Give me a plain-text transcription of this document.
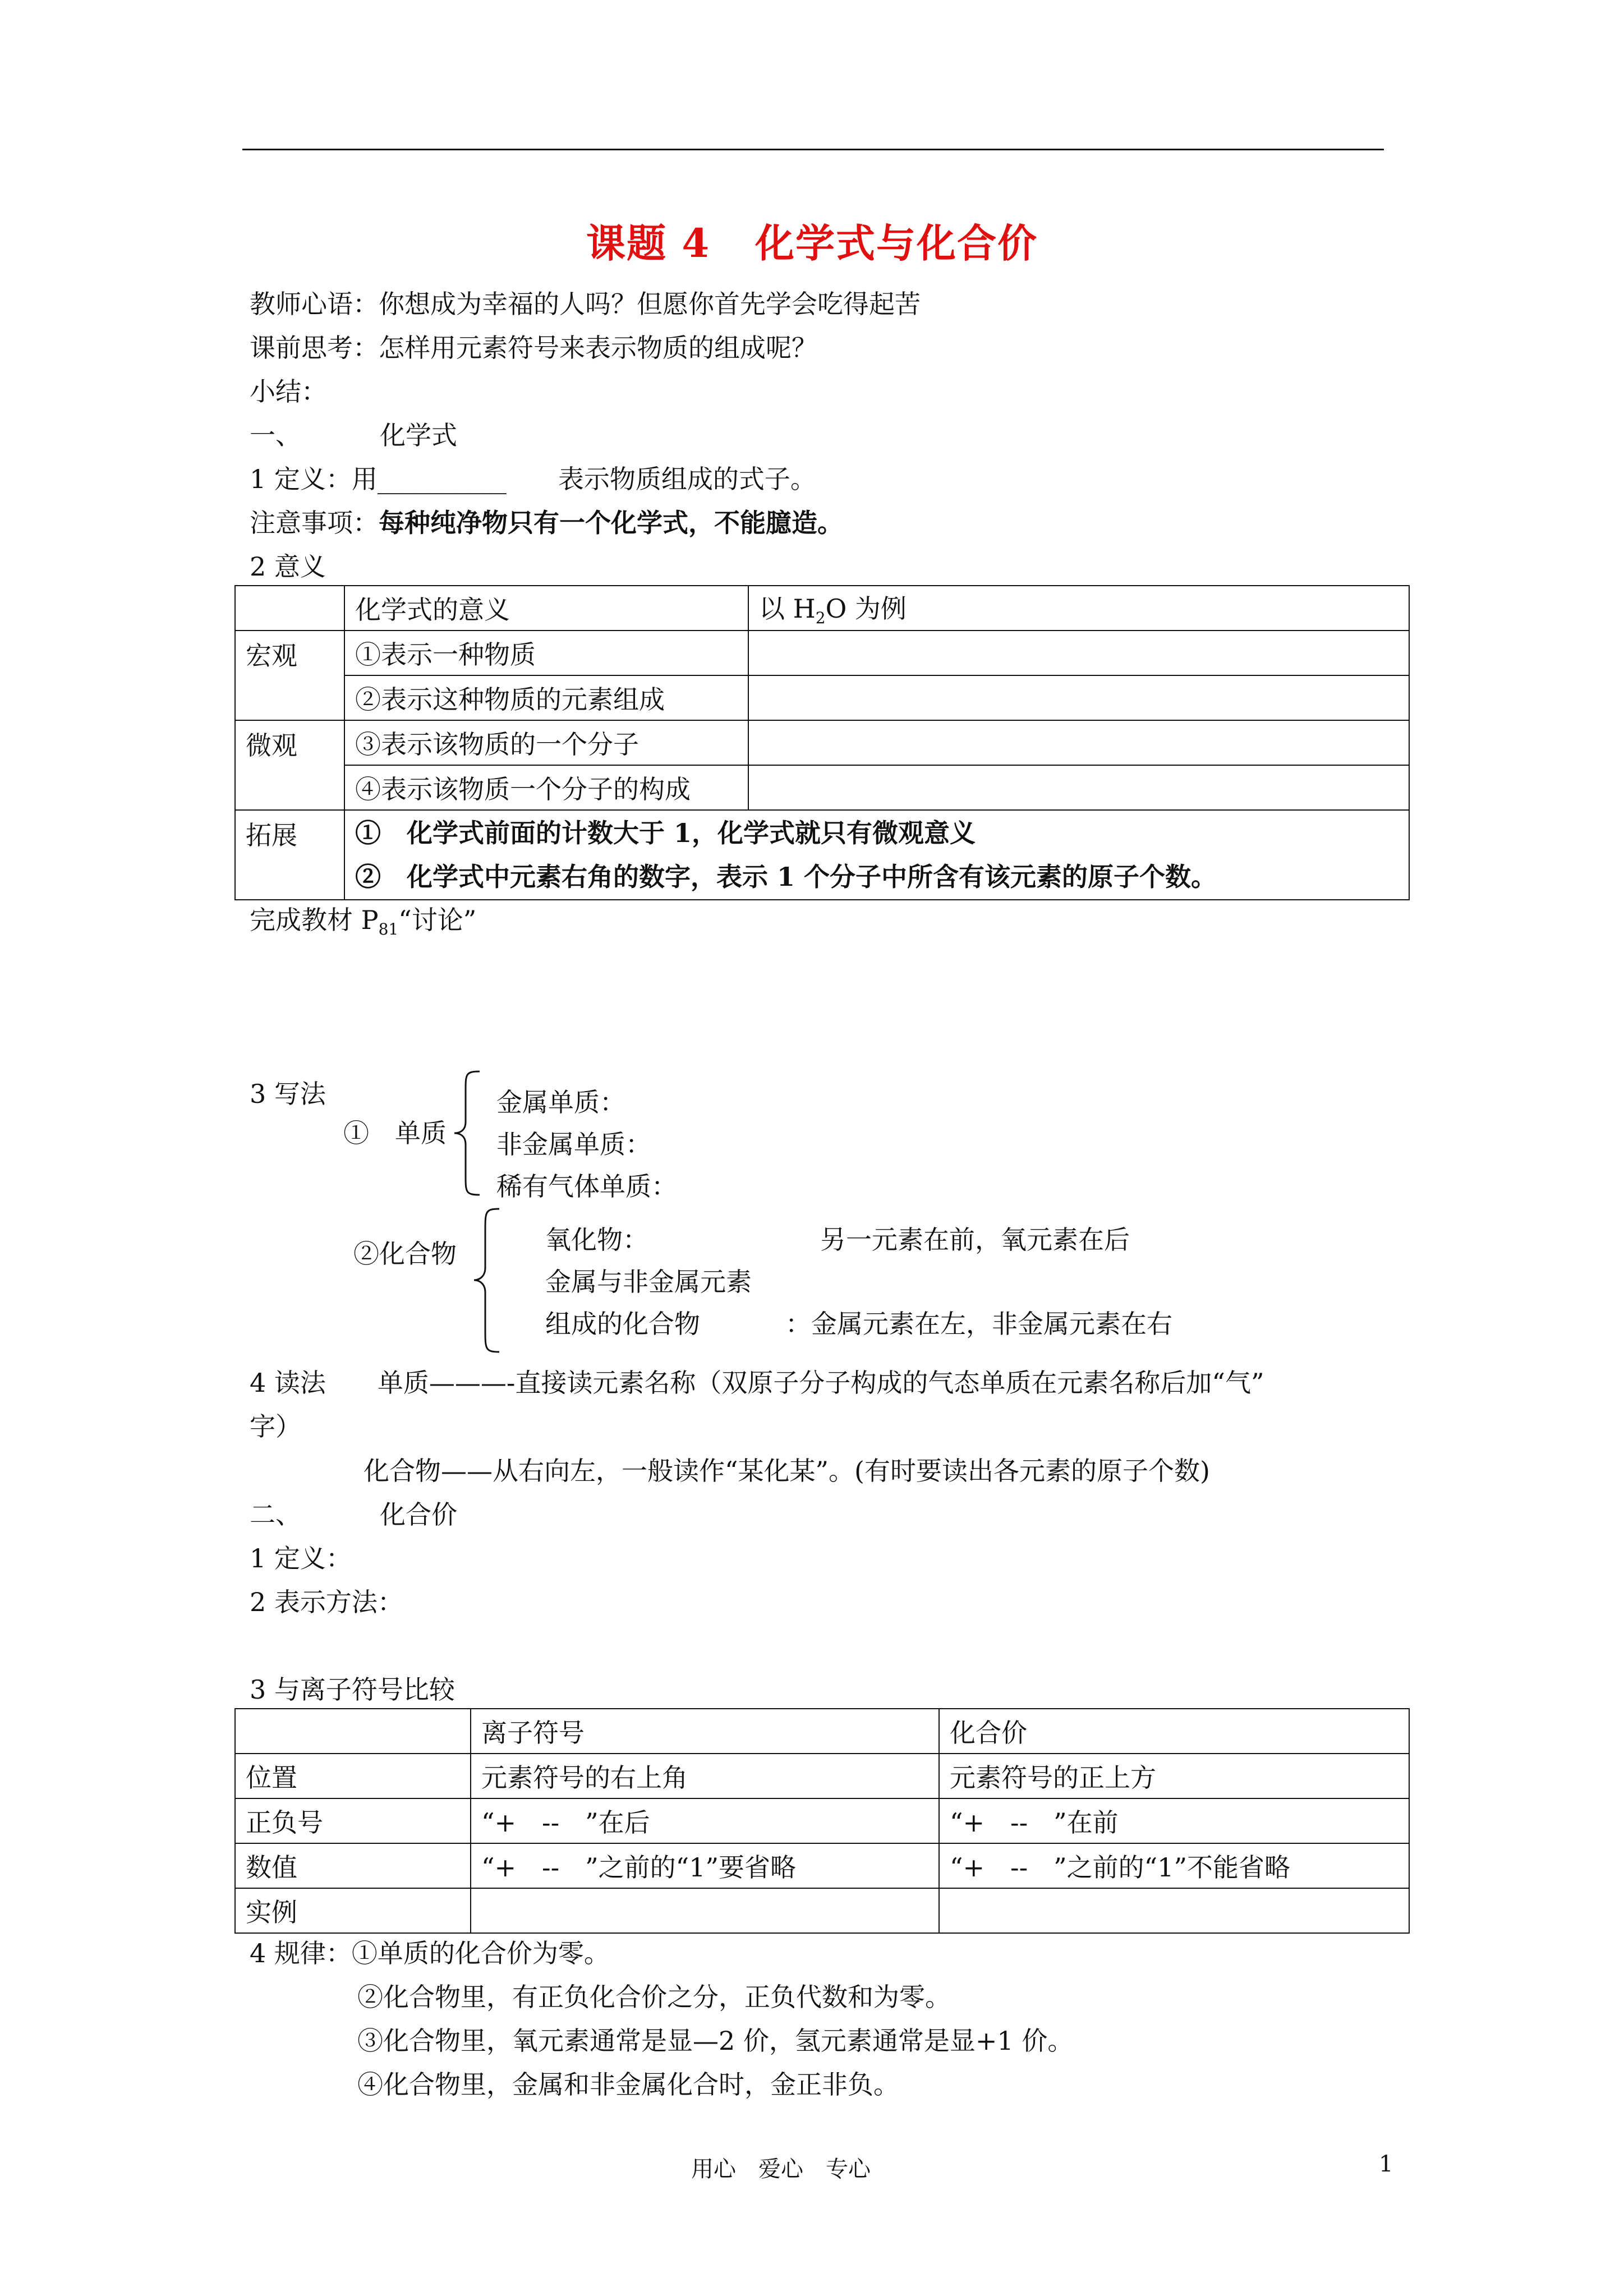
课题 4 化学式与化合价
教师心语：你想成为幸福的人吗？但愿你首先学会吃得起苦
课前思考：怎样用元素符号来表示物质的组成呢？
小结：
一、	化学式
1 定义：用__________　　表示物质组成的式子。
注意事项：每种纯净物只有一个化学式，不能臆造。
2 意义
	化学式的意义	以 $H_2O$ 为例
宏观	①表示一种物质	
	②表示这种物质的元素组成	
微观	③表示该物质的一个分子	
	④表示该物质一个分子的构成	
拓展	①　化学式前面的计数大于 1，化学式就只有微观意义
②　化学式中元素右角的数字，表示 1 个分子中所含有该元素的原子个数。	
完成教材 $P_{81}“$讨论”
3 写法
①　单质
金属单质：
非金属单质：
稀有气体单质：
②化合物	氧化物：	另一元素在前，氧元素在后
金属与非金属元素
组成的化合物	：金属元素在左，非金属元素在右
4 读法　　单质———-直接读元素名称（双原子分子构成的气态单质在元素名称后加“气”
字）
化合物——从右向左，一般读作“某化某”。(有时要读出各元素的原子个数)
二、	化合价
1 定义：
2 表示方法：
3 与离子符号比较
	离子符号	化合价
位置	元素符号的右上角	元素符号的正上方
正负号	“+　--　”在后	“+　--　”在前
数值	“+　--　”之前的“1”要省略	“+　--　”之前的“1”不能省略
实例		
4 规律：①单质的化合价为零。
②化合物里，有正负化合价之分，正负代数和为零。
③化合物里，氧元素通常是显—2 价，氢元素通常是显+1 价。
④化合物里，金属和非金属化合时，金正非负。
用心　爱心　专心	1
